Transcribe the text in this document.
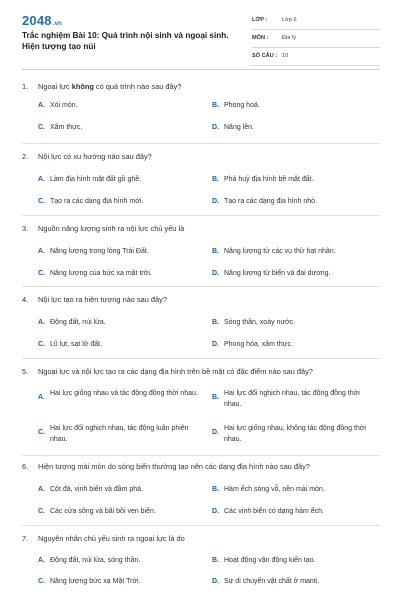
2048.vn
Trắc nghiệm Bài 10: Quá trình nội sinh và ngoại sinh. Hiện tượng tạo núi
LỚP :	Lớp 6
MÔN : Địa lý
SỐ CÂU : 10
1. Ngoại lực không có quá trình nào sau đây?
A. Xói mòn.	B. Phong hoá.
C. Xâm thực.	D. Nâng lên.
2. Nội lực có xu hướng nào sau đây?
A. Làm địa hình mặt đất gồ ghề.	B. Phá huỷ địa hình bề mặt đất.
C. Tạo ra các dạng địa hình mới.	D. Tạo ra các dạng địa hình nhỏ.
3. Nguồn năng lượng sinh ra nội lực chủ yếu là
A. Năng lượng trong lòng Trái Đất.	B. Năng lượng từ các vụ thử hạt nhân.
C. Năng lượng của bức xạ mặt trời.	D. Năng lượng từ biển và đại dương.
4. Nội lực tạo ra hiện tượng nào sau đây?
A. Động đất, núi lửa.	B. Sóng thần, xoáy nước.
C. Lũ lụt, sạt lở đất.	D. Phong hóa, xâm thực.
5. Ngoại lực và nội lực tạo ra các dạng địa hình trên bề mặt có đặc điểm nào sau đây?
A.
Hai lực giống nhau và tác động đồng thời nhau.
B.
Hai lực đối nghịch nhau, tác động đồng thời nhau.
C.
Hai lực đối nghịch nhau, tác động luân phiên nhau.
D.
Hai lực giống nhau, không tác động đồng thời nhau.
6. Hiện tượng mài mòn do sóng biển thường tạo nên các dạng địa hình nào sau đây?
A. Cột đá, vịnh biển và đầm phá.	B. Hàm ếch sóng vỗ, nền mài mòn.
C. Các cửa sông và bãi bồi ven biển.	D. Các vịnh biển có dạng hàm ếch.
7. Nguyên nhân chủ yếu sinh ra ngoại lực là do
A. Động đất, núi lửa, sóng thần.	B. Hoạt động vận động kiến tạo.
C. Năng lượng bức xạ Mặt Trời.	D. Sự di chuyển vật chất ở manti.
